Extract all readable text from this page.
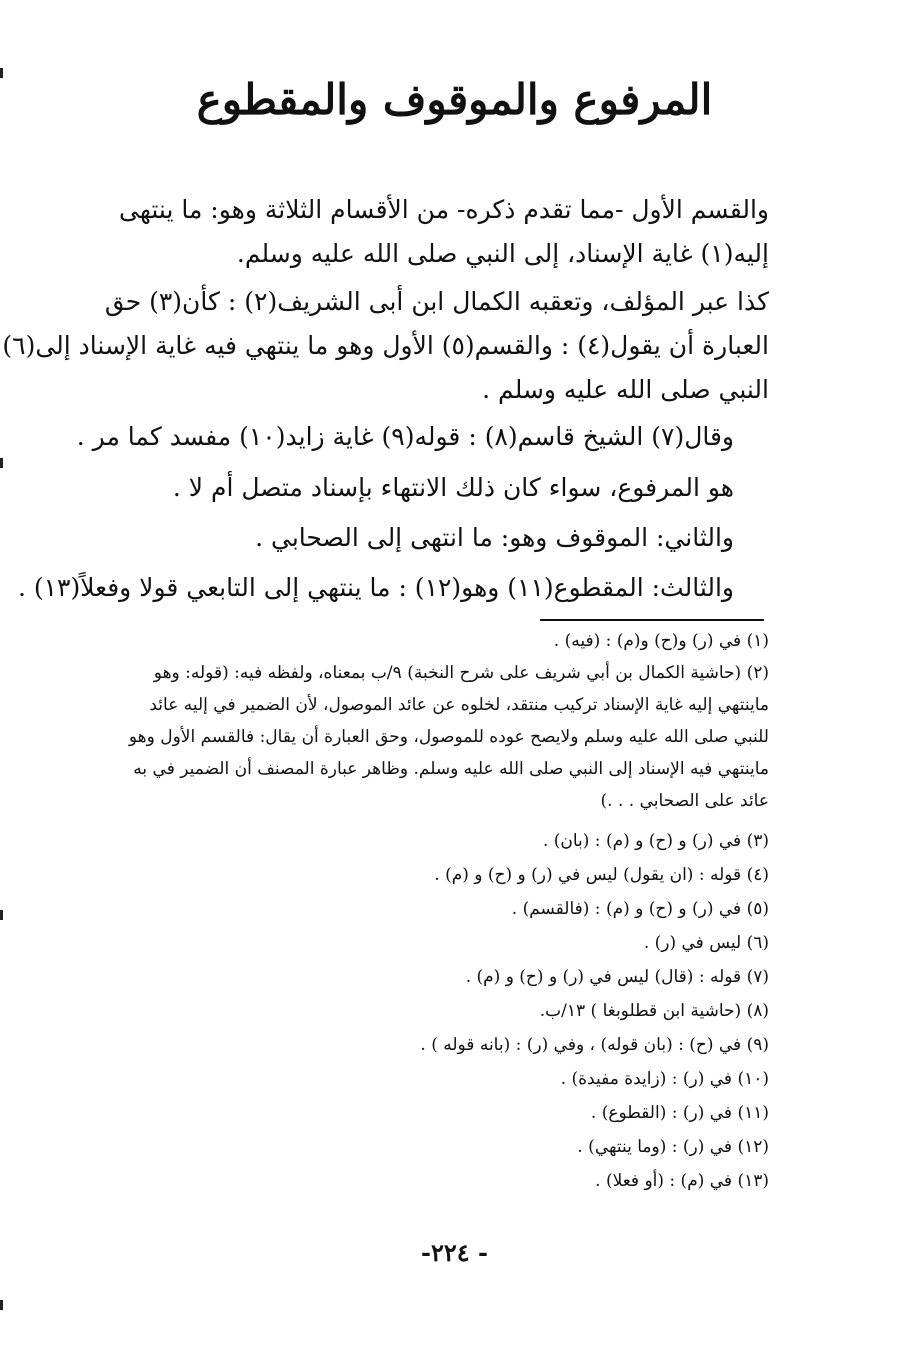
المرفوع والموقوف والمقطوع
والقسم الأول -مما تقدم ذكره- من الأقسام الثلاثة وهو: ما ينتهى
إليه(١) غاية الإسناد، إلى النبي صلى الله عليه وسلم.
كذا عبر المؤلف، وتعقبه الكمال ابن أبى الشريف(٢) : كأن(٣) حق
العبارة أن يقول(٤) : والقسم(٥) الأول وهو ما ينتهي فيه غاية الإسناد إلى(٦)
النبي صلى الله عليه وسلم .
وقال(٧) الشيخ قاسم(٨) : قوله(٩) غاية زايد(١٠) مفسد كما مر .
هو المرفوع، سواء كان ذلك الانتهاء بإسناد متصل أم لا .
والثاني: الموقوف وهو: ما انتهى إلى الصحابي .
والثالث: المقطوع(١١) وهو(١٢) : ما ينتهي إلى التابعي قولا وفعلاً(١٣) .
(١) في (ر) و(ح) و(م) : (فيه) .
(٢) (حاشية الكمال بن أبي شريف على شرح النخبة) ٩/ب بمعناه، ولفظه فيه: (قوله: وهو
ماينتهي إليه غاية الإسناد تركيب منتقد، لخلوه عن عائد الموصول، لأن الضمير في إليه عائد
للنبي صلى الله عليه وسلم ولايصح عوده للموصول، وحق العبارة أن يقال: فالقسم الأول وهو
ماينتهي فيه الإسناد إلى النبي صلى الله عليه وسلم. وظاهر عبارة المصنف أن الضمير في به
عائد على الصحابي . . .)
(٣) في (ر) و (ح) و (م) : (بان) .
(٤) قوله : (ان يقول) ليس في (ر) و (ح) و (م) .
(٥) في (ر) و (ح) و (م) : (فالقسم) .
(٦) ليس في (ر) .
(٧) قوله : (قال) ليس في (ر) و (ح) و (م) .
(٨) (حاشية ابن قطلوبغا ) ١٣/ب.
(٩) في (ح) : (بان قوله) ، وفي (ر) : (بانه قوله ) .
(١٠) في (ر) : (زايدة مفيدة) .
(١١) في (ر) : (القطوع) .
(١٢) في (ر) : (وما ينتهي) .
(١٣) في (م) : (أو فعلا) .
- ٢٢٤-
